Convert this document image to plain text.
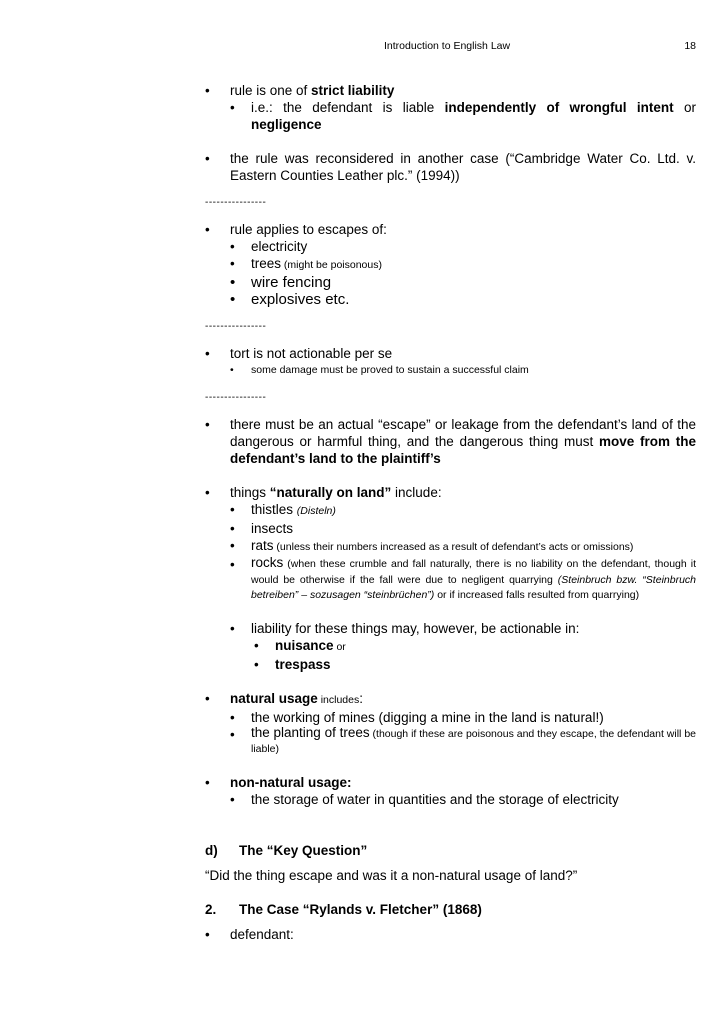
Introduction to English Law	18
• rule is one of strict liability
• i.e.: the defendant is liable independently of wrongful intent or negligence
• the rule was reconsidered in another case (“Cambridge Water Co. Ltd. v. Eastern Counties Leather plc.” (1994))
----------------
• rule applies to escapes of:
• electricity
• trees (might be poisonous)
• wire fencing
• explosives etc.
----------------
• tort is not actionable per se
• some damage must be proved to sustain a successful claim
----------------
• there must be an actual “escape” or leakage from the defendant’s land of the dangerous or harmful thing, and the dangerous thing must move from the defendant’s land to the plaintiff’s
• things “naturally on land” include:
• thistles (Disteln)
• insects
• rats (unless their numbers increased as a result of defendant’s acts or omissions)
• rocks (when these crumble and fall naturally, there is no liability on the defendant, though it would be otherwise if the fall were due to negligent quarrying (Steinbruch bzw. “Steinbruch betreiben” – sozusagen “steinbrüchen”) or if increased falls resulted from quarrying)
• liability for these things may, however, be actionable in:
• nuisance or
• trespass
• natural usage includes:
• the working of mines (digging a mine in the land is natural!)
• the planting of trees (though if these are poisonous and they escape, the defendant will be liable)
• non-natural usage:
• the storage of water in quantities and the storage of electricity

d) The “Key Question”

“Did the thing escape and was it a non-natural usage of land?”

2. The Case “Rylands v. Fletcher” (1868)

• defendant:
